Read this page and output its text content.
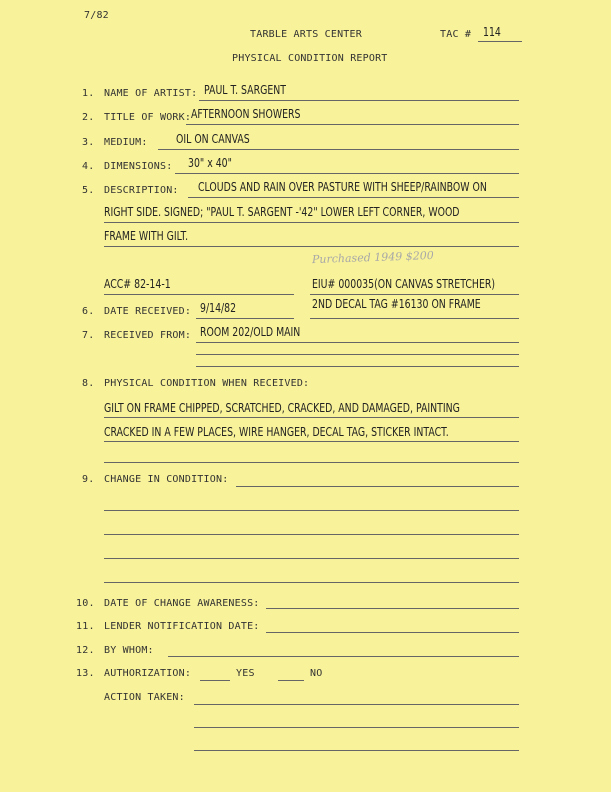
7/82
TARBLE ARTS CENTER	TAC # 114
PHYSICAL CONDITION REPORT
1. NAME OF ARTIST: PAUL T. SARGENT
2. TITLE OF WORK: AFTERNOON SHOWERS
3. MEDIUM: OIL ON CANVAS
4. DIMENSIONS: 30" x 40"
5. DESCRIPTION: CLOUDS AND RAIN OVER PASTURE WITH SHEEP/RAINBOW ON
RIGHT SIDE. SIGNED; "PAUL T. SARGENT -'42" LOWER LEFT CORNER, WOOD
FRAME WITH GILT.
Purchased 1949 $200
ACC# 82-14-1	EIU# 000035(ON CANVAS STRETCHER)
6. DATE RECEIVED: 9/14/82	2ND DECAL TAG #16130 ON FRAME
7. RECEIVED FROM: ROOM 202/OLD MAIN
8. PHYSICAL CONDITION WHEN RECEIVED:
GILT ON FRAME CHIPPED, SCRATCHED, CRACKED, AND DAMAGED, PAINTING
CRACKED IN A FEW PLACES, WIRE HANGER, DECAL TAG, STICKER INTACT.
9. CHANGE IN CONDITION:
10. DATE OF CHANGE AWARENESS:
11. LENDER NOTIFICATION DATE:
12. BY WHOM:
13. AUTHORIZATION:	YES	NO
ACTION TAKEN:
